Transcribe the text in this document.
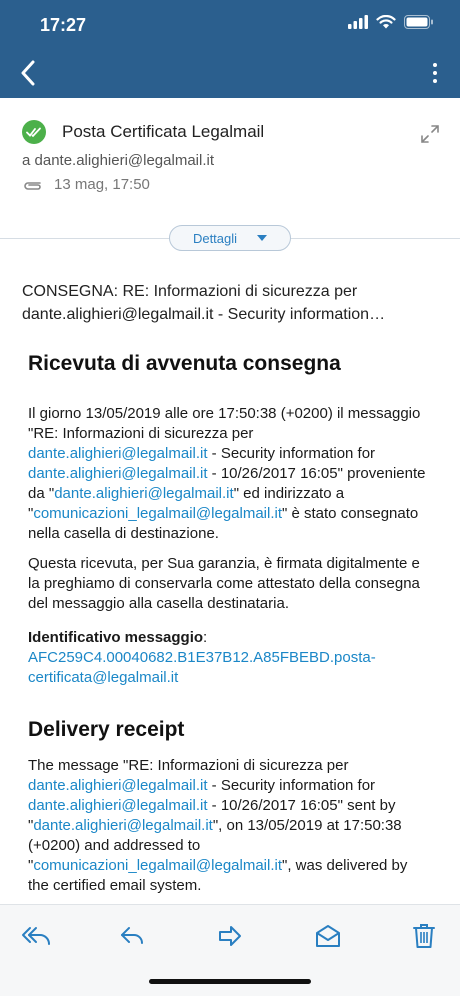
17:27
Posta Certificata Legalmail
a dante.alighieri@legalmail.it
13 mag, 17:50
Dettagli
CONSEGNA: RE: Informazioni di sicurezza per
dante.alighieri@legalmail.it - Security information…
Ricevuta di avvenuta consegna

Il giorno 13/05/2019 alle ore 17:50:38 (+0200) il messaggio "RE: Informazioni di sicurezza per dante.alighieri@legalmail.it - Security information for dante.alighieri@legalmail.it - 10/26/2017 16:05" proveniente da "dante.alighieri@legalmail.it" ed indirizzato a "comunicazioni_legalmail@legalmail.it" è stato consegnato nella casella di destinazione.

Questa ricevuta, per Sua garanzia, è firmata digitalmente e la preghiamo di conservarla come attestato della consegna del messaggio alla casella destinataria.

Identificativo messaggio:
AFC259C4.00040682.B1E37B12.A85FBEBD.posta-
certificata@legalmail.it

Delivery receipt

The message "RE: Informazioni di sicurezza per dante.alighieri@legalmail.it - Security information for dante.alighieri@legalmail.it - 10/26/2017 16:05" sent by "dante.alighieri@legalmail.it", on 13/05/2019 at 17:50:38 (+0200) and addressed to "comunicazioni_legalmail@legalmail.it", was delivered by the certified email system.
